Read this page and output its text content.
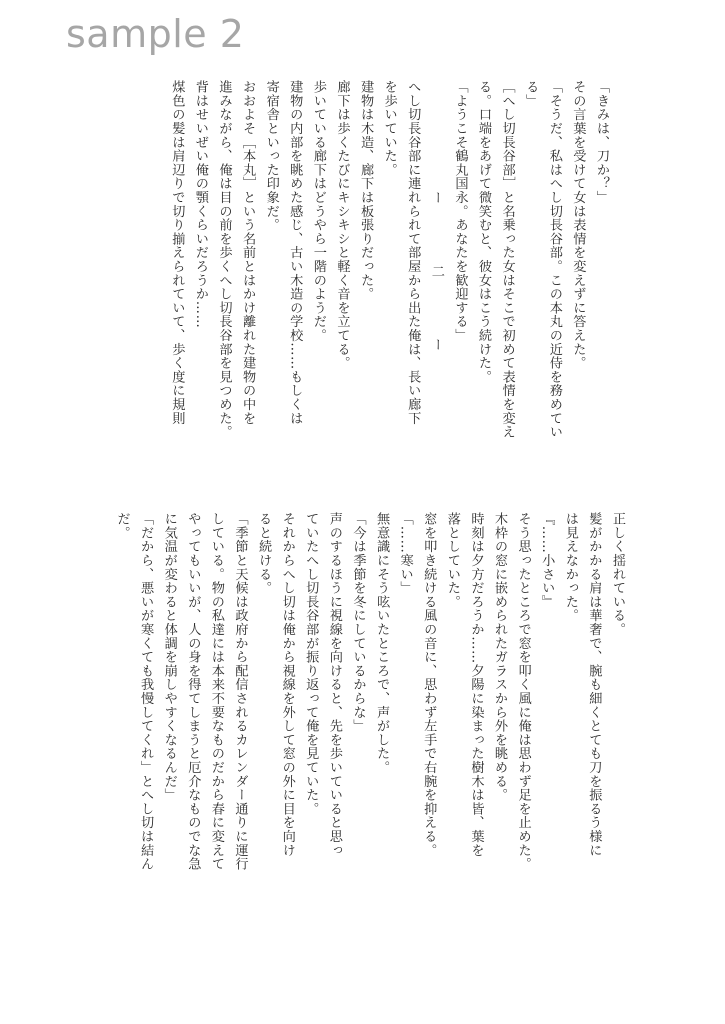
sample 2

「きみは、刀か？」

その言葉を受けて女は表情を変えずに答えた。

「そうだ、私はへし切長谷部。この本丸の近侍を務めてい

る」

［へし切長谷部］と名乗った女はそこで初めて表情を変え

る。口端をあげて微笑むと、彼女はこう続けた。

「ようこそ鶴丸国永。あなたを歓迎する」

ー 二 ー

へし切長谷部に連れられて部屋から出た俺は、長い廊下

を歩いていた。

建物は木造、廊下は板張りだった。

廊下は歩くたびにキシキシと軽く音を立てる。

歩いている廊下はどうやら一階のようだ。

建物の内部を眺めた感じ、古い木造の学校……もしくは

寄宿舎といった印象だ。

おおよそ［本丸］という名前とはかけ離れた建物の中を

進みながら、俺は目の前を歩くへし切長谷部を見つめた。

背はせいぜい俺の顎くらいだろうか……

煤色の髪は肩辺りで切り揃えられていて、歩く度に規則

正しく揺れている。

髪がかかる肩は華奢で、腕も細くとても刀を振るう様に

は見えなかった。

『……小さい』

そう思ったところで窓を叩く風に俺は思わず足を止めた。

木枠の窓に嵌められたガラスから外を眺める。

時刻は夕方だろうか……夕陽に染まった樹木は皆、葉を

落としていた。

窓を叩き続ける風の音に、思わず左手で右腕を抑える。

「……寒い」

無意識にそう呟いたところで、声がした。

「今は季節を冬にしているからな」

声のするほうに視線を向けると、先を歩いていると思っ

ていたへし切長谷部が振り返って俺を見ていた。

それからへし切は俺から視線を外して窓の外に目を向け

ると続ける。

「季節と天候は政府から配信されるカレンダー通りに運行

している。物の私達には本来不要なものだから春に変えて

やってもいいが、人の身を得てしまうと厄介なものでな急

に気温が変わると体調を崩しやすくなるんだ」

「だから、悪いが寒くても我慢してくれ」とへし切は結ん

だ。
